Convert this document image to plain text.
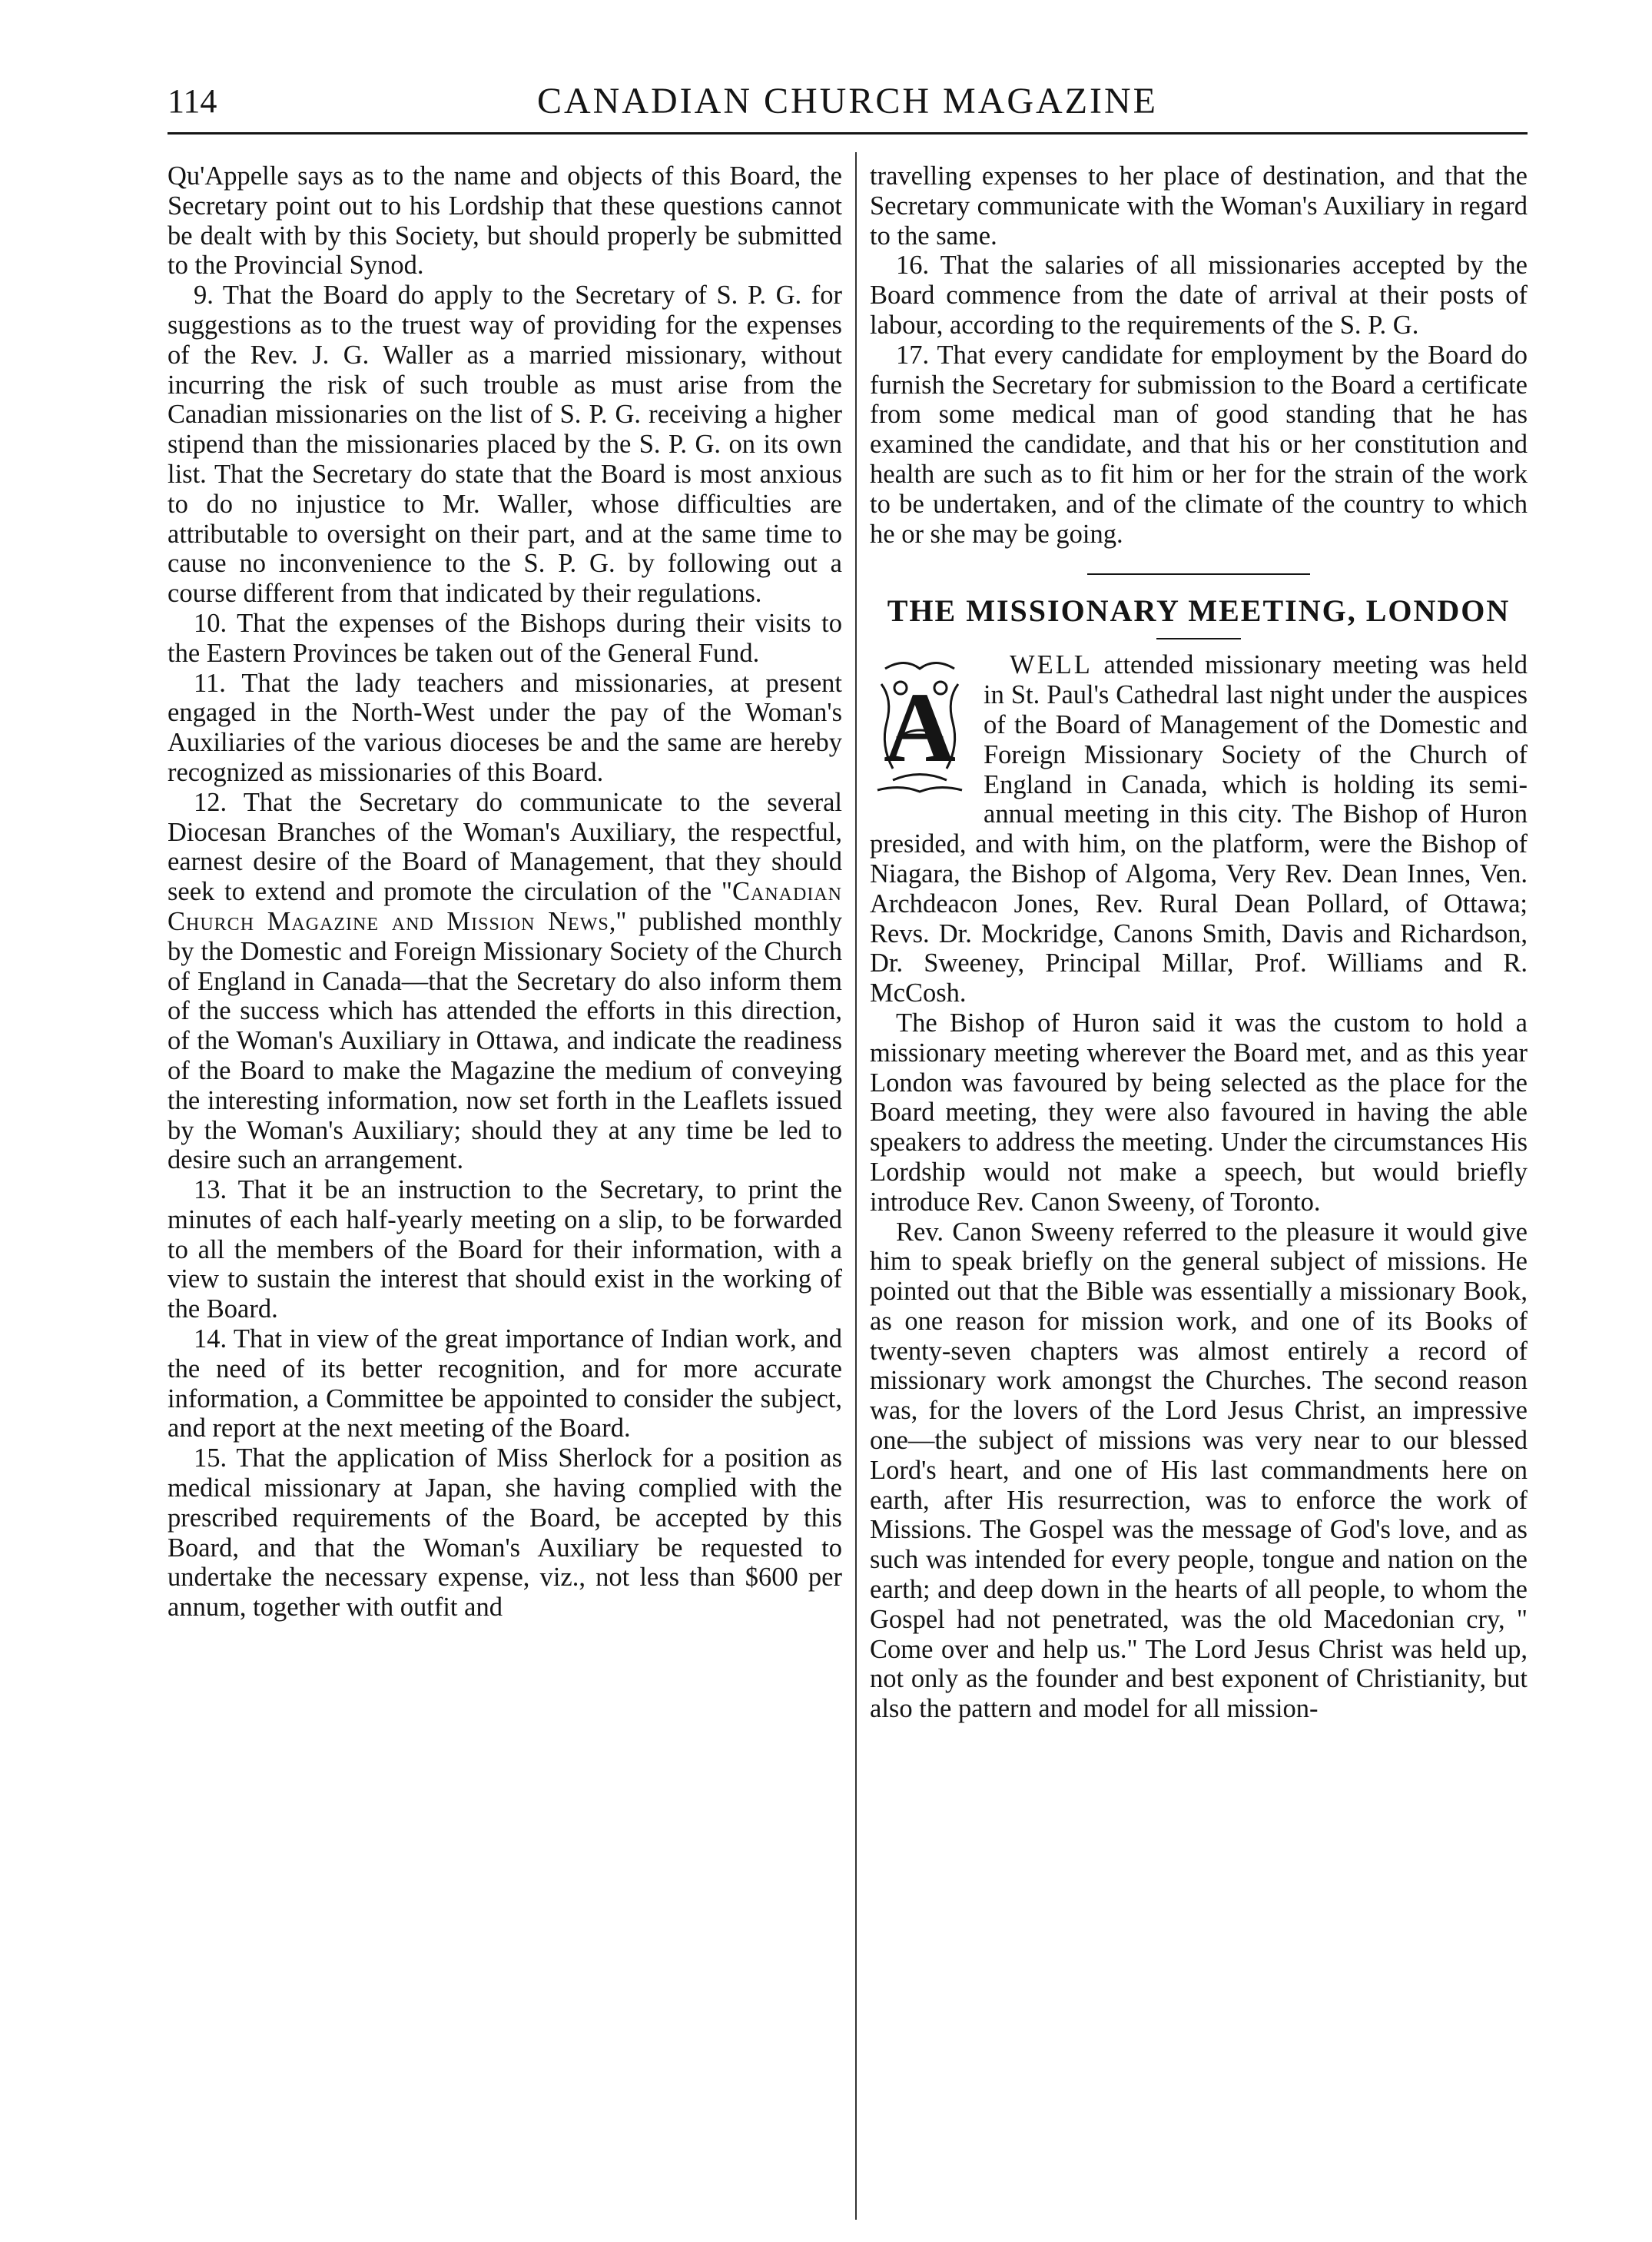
114	CANADIAN CHURCH MAGAZINE

Qu'Appelle says as to the name and objects of this Board, the Secretary point out to his Lordship that these questions cannot be dealt with by this Society, but should properly be submitted to the Provincial Synod.

9. That the Board do apply to the Secretary of S. P. G. for suggestions as to the truest way of providing for the expenses of the Rev. J. G. Waller as a married missionary, without incurring the risk of such trouble as must arise from the Canadian missionaries on the list of S. P. G. receiving a higher stipend than the missionaries placed by the S. P. G. on its own list. That the Secretary do state that the Board is most anxious to do no injustice to Mr. Waller, whose difficulties are attributable to oversight on their part, and at the same time to cause no inconvenience to the S. P. G. by following out a course different from that indicated by their regulations.

10. That the expenses of the Bishops during their visits to the Eastern Provinces be taken out of the General Fund.

11. That the lady teachers and missionaries, at present engaged in the North-West under the pay of the Woman's Auxiliaries of the various dioceses be and the same are hereby recognized as missionaries of this Board.

12. That the Secretary do communicate to the several Diocesan Branches of the Woman's Auxiliary, the respectful, earnest desire of the Board of Management, that they should seek to extend and promote the circulation of the "Canadian Church Magazine and Mission News," published monthly by the Domestic and Foreign Missionary Society of the Church of England in Canada—that the Secretary do also inform them of the success which has attended the efforts in this direction, of the Woman's Auxiliary in Ottawa, and indicate the readiness of the Board to make the Magazine the medium of conveying the interesting information, now set forth in the Leaflets issued by the Woman's Auxiliary; should they at any time be led to desire such an arrangement.

13. That it be an instruction to the Secretary, to print the minutes of each half-yearly meeting on a slip, to be forwarded to all the members of the Board for their information, with a view to sustain the interest that should exist in the working of the Board.

14. That in view of the great importance of Indian work, and the need of its better recognition, and for more accurate information, a Committee be appointed to consider the subject, and report at the next meeting of the Board.

15. That the application of Miss Sherlock for a position as medical missionary at Japan, she having complied with the prescribed requirements of the Board, be accepted by this Board, and that the Woman's Auxiliary be requested to undertake the necessary expense, viz., not less than $600 per annum, together with outfit and

travelling expenses to her place of destination, and that the Secretary communicate with the Woman's Auxiliary in regard to the same.

16. That the salaries of all missionaries accepted by the Board commence from the date of arrival at their posts of labour, according to the requirements of the S. P. G.

17. That every candidate for employment by the Board do furnish the Secretary for submission to the Board a certificate from some medical man of good standing that he has examined the candidate, and that his or her constitution and health are such as to fit him or her for the strain of the work to be undertaken, and of the climate of the country to which he or she may be going.

THE MISSIONARY MEETING, LONDON

A
WELL attended missionary meeting was held in St. Paul's Cathedral last night under the auspices of the Board of Management of the Domestic and Foreign Missionary Society of the Church of England in Canada, which is holding its semi-annual meeting in this city. The Bishop of Huron presided, and with him, on the platform, were the Bishop of Niagara, the Bishop of Algoma, Very Rev. Dean Innes, Ven. Archdeacon Jones, Rev. Rural Dean Pollard, of Ottawa; Revs. Dr. Mockridge, Canons Smith, Davis and Richardson, Dr. Sweeney, Principal Millar, Prof. Williams and R. McCosh.

The Bishop of Huron said it was the custom to hold a missionary meeting wherever the Board met, and as this year London was favoured by being selected as the place for the Board meeting, they were also favoured in having the able speakers to address the meeting. Under the circumstances His Lordship would not make a speech, but would briefly introduce Rev. Canon Sweeny, of Toronto.

Rev. Canon Sweeny referred to the pleasure it would give him to speak briefly on the general subject of missions. He pointed out that the Bible was essentially a missionary Book, as one reason for mission work, and one of its Books of twenty-seven chapters was almost entirely a record of missionary work amongst the Churches. The second reason was, for the lovers of the Lord Jesus Christ, an impressive one—the subject of missions was very near to our blessed Lord's heart, and one of His last commandments here on earth, after His resurrection, was to enforce the work of Missions. The Gospel was the message of God's love, and as such was intended for every people, tongue and nation on the earth; and deep down in the hearts of all people, to whom the Gospel had not penetrated, was the old Macedonian cry, " Come over and help us." The Lord Jesus Christ was held up, not only as the founder and best exponent of Christianity, but also the pattern and model for all mission-
